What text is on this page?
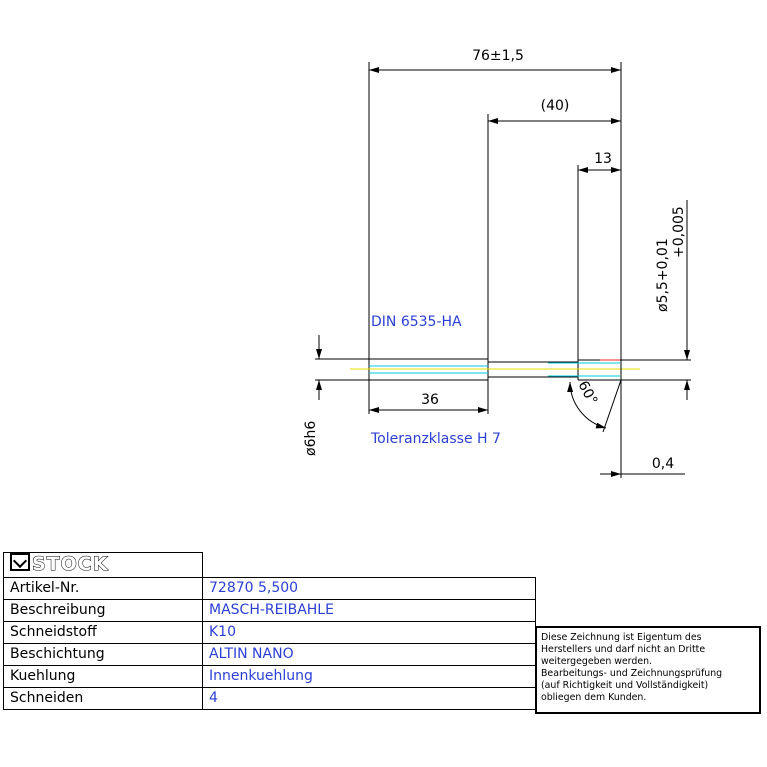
76±1,5
(40)
13
36
0,4
60°
ø6h6
ø5,5+0,01
+0,005
DIN 6535-HA
Toleranzklasse H 7
STOCK	
Artikel-Nr.	72870 5,500
Beschreibung	MASCH-REIBAHLE
Schneidstoff	K10
Beschichtung	ALTIN NANO
Kuehlung	Innenkuehlung
Schneiden	4

Diese Zeichnung ist Eigentum des

Herstellers und darf nicht an Dritte

weitergegeben werden.

Bearbeitungs- und Zeichnungsprüfung

(auf Richtigkeit und Vollständigkeit)

obliegen dem Kunden.
